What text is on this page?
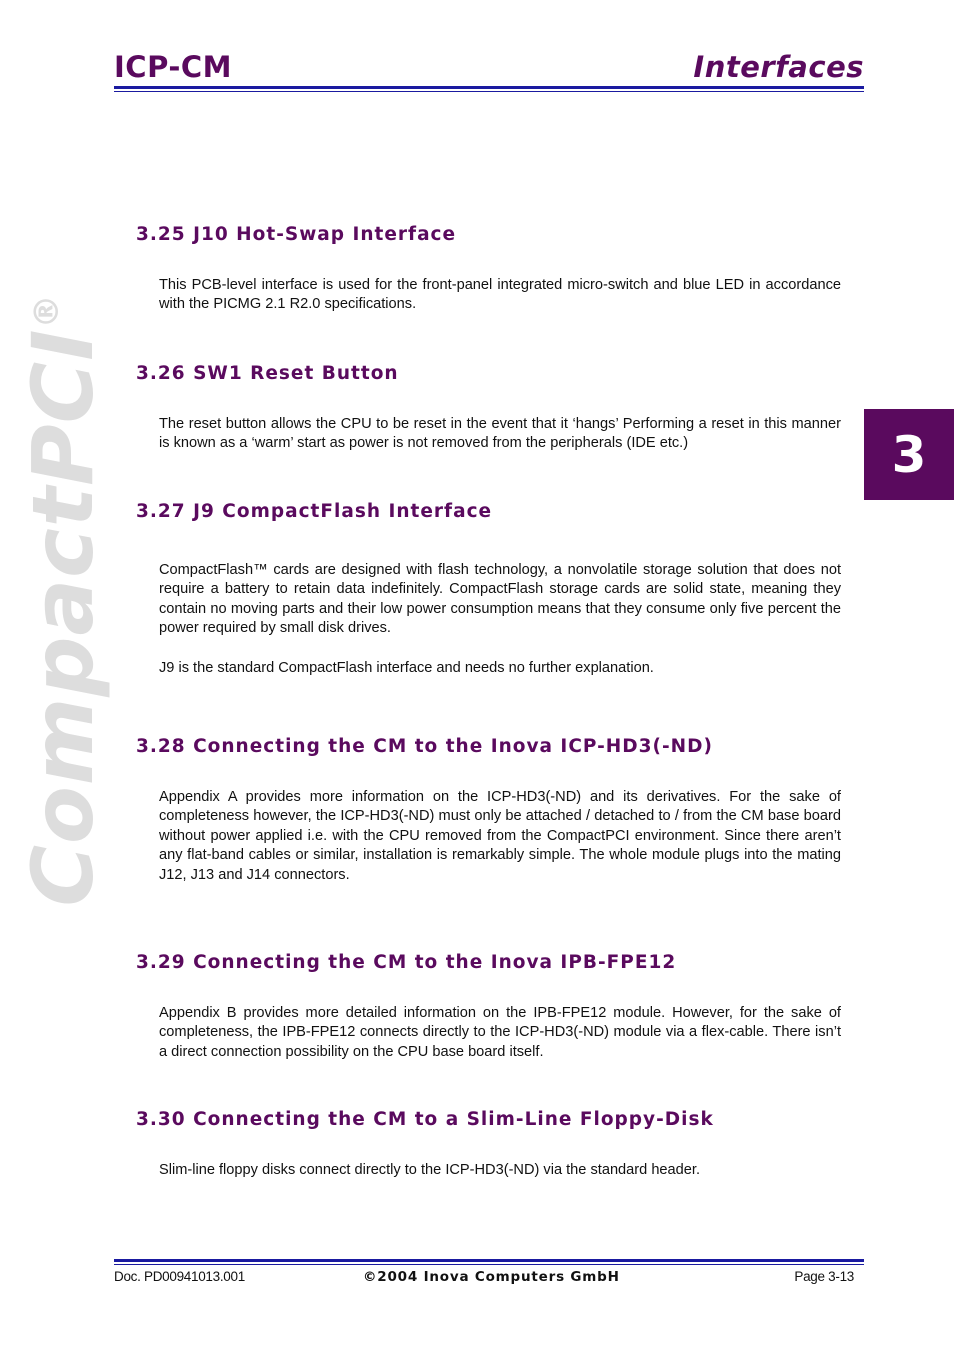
ICP-CM	Interfaces
CompactPCI®
3
3.25 J10 Hot-Swap Interface

This PCB-level interface is used for the front-panel integrated micro-switch and blue LED in accordance with the PICMG 2.1 R2.0 specifications.

3.26 SW1 Reset Button

The reset button allows the CPU to be reset in the event that it ‘hangs’ Performing a reset in this manner is known as a ‘warm’ start as power is not removed from the peripherals (IDE etc.)

3.27 J9 CompactFlash Interface

CompactFlash™ cards are designed with flash technology, a nonvolatile storage solution that does not require a battery to retain data indefinitely. CompactFlash storage cards are solid state, meaning they contain no moving parts and their low power consumption means that they consume only five percent the power required by small disk drives.

J9 is the standard CompactFlash interface and needs no further explanation.

3.28 Connecting the CM to the Inova ICP-HD3(-ND)

Appendix A provides more information on the ICP-HD3(-ND) and its derivatives. For the sake of completeness however, the ICP-HD3(-ND) must only be attached / detached to / from the CM base board without power applied i.e. with the CPU removed from the CompactPCI environment. Since there aren’t any flat-band cables or similar, installation is remarkably simple. The whole module plugs into the mating J12, J13 and J14 connectors.

3.29 Connecting the CM to the Inova IPB-FPE12

Appendix B provides more detailed information on the IPB-FPE12 module. However, for the sake of completeness, the IPB-FPE12 connects directly to the ICP-HD3(-ND) module via a flex-cable. There isn’t a direct connection possibility on the CPU base board itself.

3.30 Connecting the CM to a Slim-Line Floppy-Disk

Slim-line floppy disks connect directly to the ICP-HD3(-ND) via the standard header.

Doc. PD00941013.001	©2004 Inova Computers GmbH	Page 3-13
